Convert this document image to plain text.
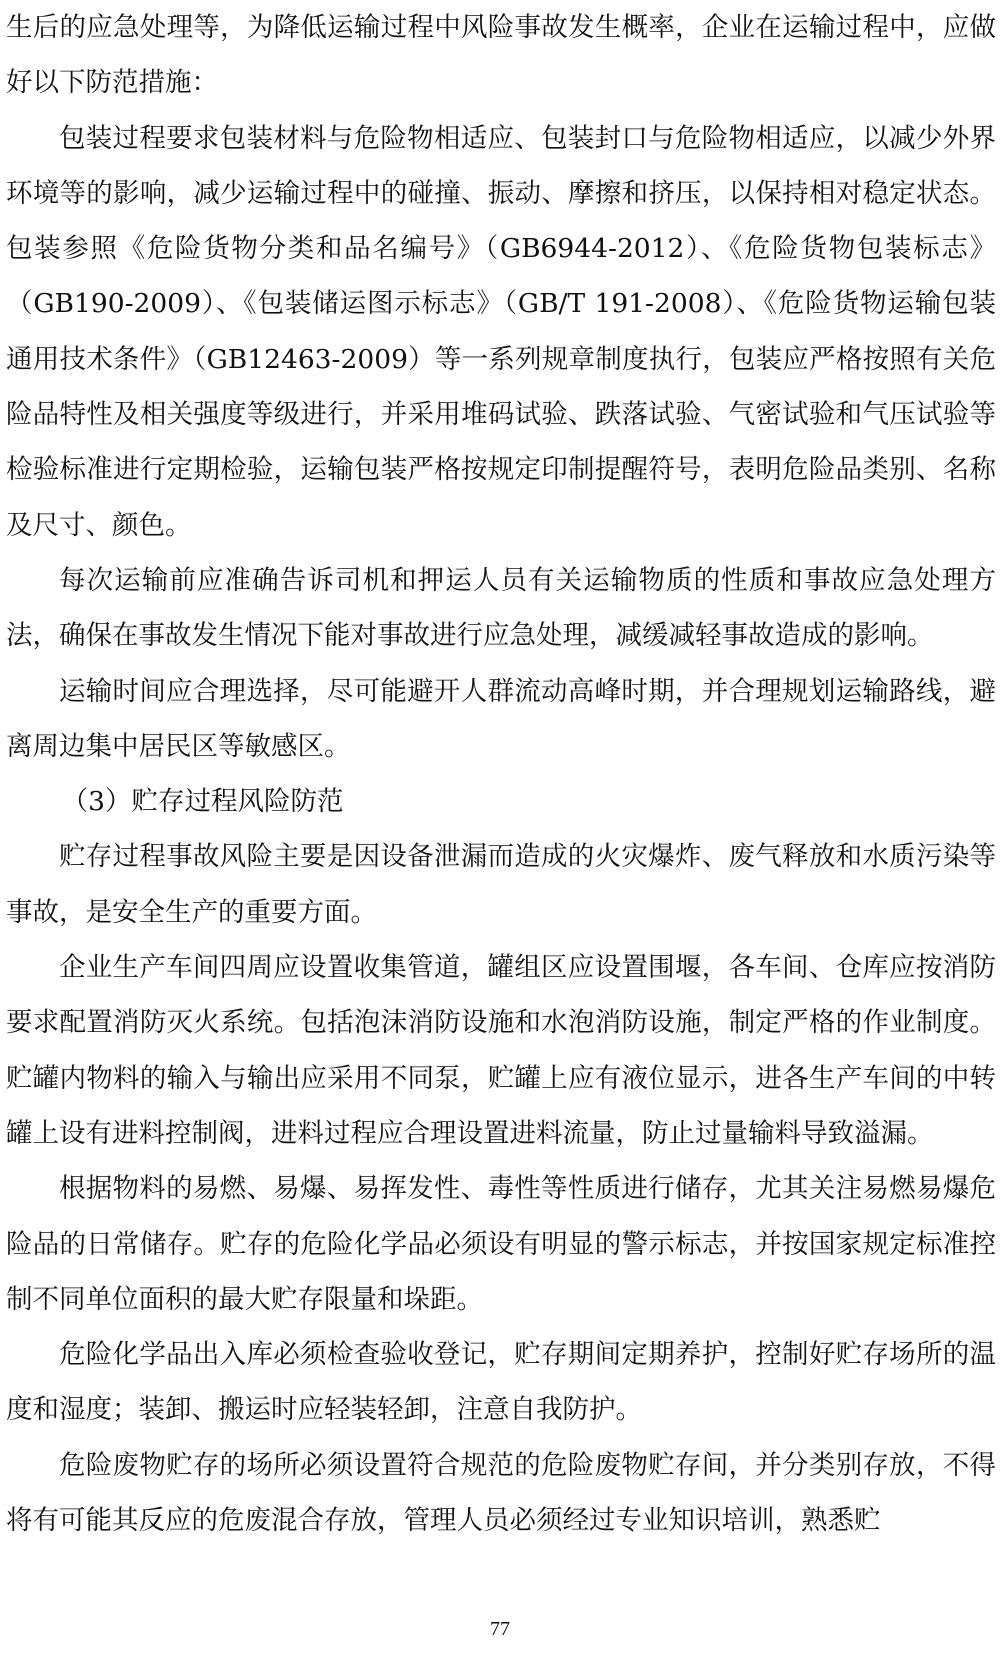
生后的应急处理等，为降低运输过程中风险事故发生概率，企业在运输过程中，应做好以下防范措施：

包装过程要求包装材料与危险物相适应、包装封口与危险物相适应，以减少外界环境等的影响，减少运输过程中的碰撞、振动、摩擦和挤压，以保持相对稳定状态。包装参照《危险货物分类和品名编号》（GB6944-2012）、《危险货物包装标志》（GB190-2009）、《包装储运图示标志》（GB/T 191-2008）、《危险货物运输包装通用技术条件》（GB12463-2009）等一系列规章制度执行，包装应严格按照有关危险品特性及相关强度等级进行，并采用堆码试验、跌落试验、气密试验和气压试验等检验标准进行定期检验，运输包装严格按规定印制提醒符号，表明危险品类别、名称及尺寸、颜色。

每次运输前应准确告诉司机和押运人员有关运输物质的性质和事故应急处理方法，确保在事故发生情况下能对事故进行应急处理，减缓减轻事故造成的影响。

运输时间应合理选择，尽可能避开人群流动高峰时期，并合理规划运输路线，避离周边集中居民区等敏感区。

（3）贮存过程风险防范

贮存过程事故风险主要是因设备泄漏而造成的火灾爆炸、废气释放和水质污染等事故，是安全生产的重要方面。

企业生产车间四周应设置收集管道，罐组区应设置围堰，各车间、仓库应按消防要求配置消防灭火系统。包括泡沫消防设施和水泡消防设施，制定严格的作业制度。贮罐内物料的输入与输出应采用不同泵，贮罐上应有液位显示，进各生产车间的中转罐上设有进料控制阀，进料过程应合理设置进料流量，防止过量输料导致溢漏。

根据物料的易燃、易爆、易挥发性、毒性等性质进行储存，尤其关注易燃易爆危险品的日常储存。贮存的危险化学品必须设有明显的警示标志，并按国家规定标准控制不同单位面积的最大贮存限量和垛距。

危险化学品出入库必须检查验收登记，贮存期间定期养护，控制好贮存场所的温度和湿度；装卸、搬运时应轻装轻卸，注意自我防护。

危险废物贮存的场所必须设置符合规范的危险废物贮存间，并分类别存放，不得将有可能其反应的危废混合存放，管理人员必须经过专业知识培训，熟悉贮

77
